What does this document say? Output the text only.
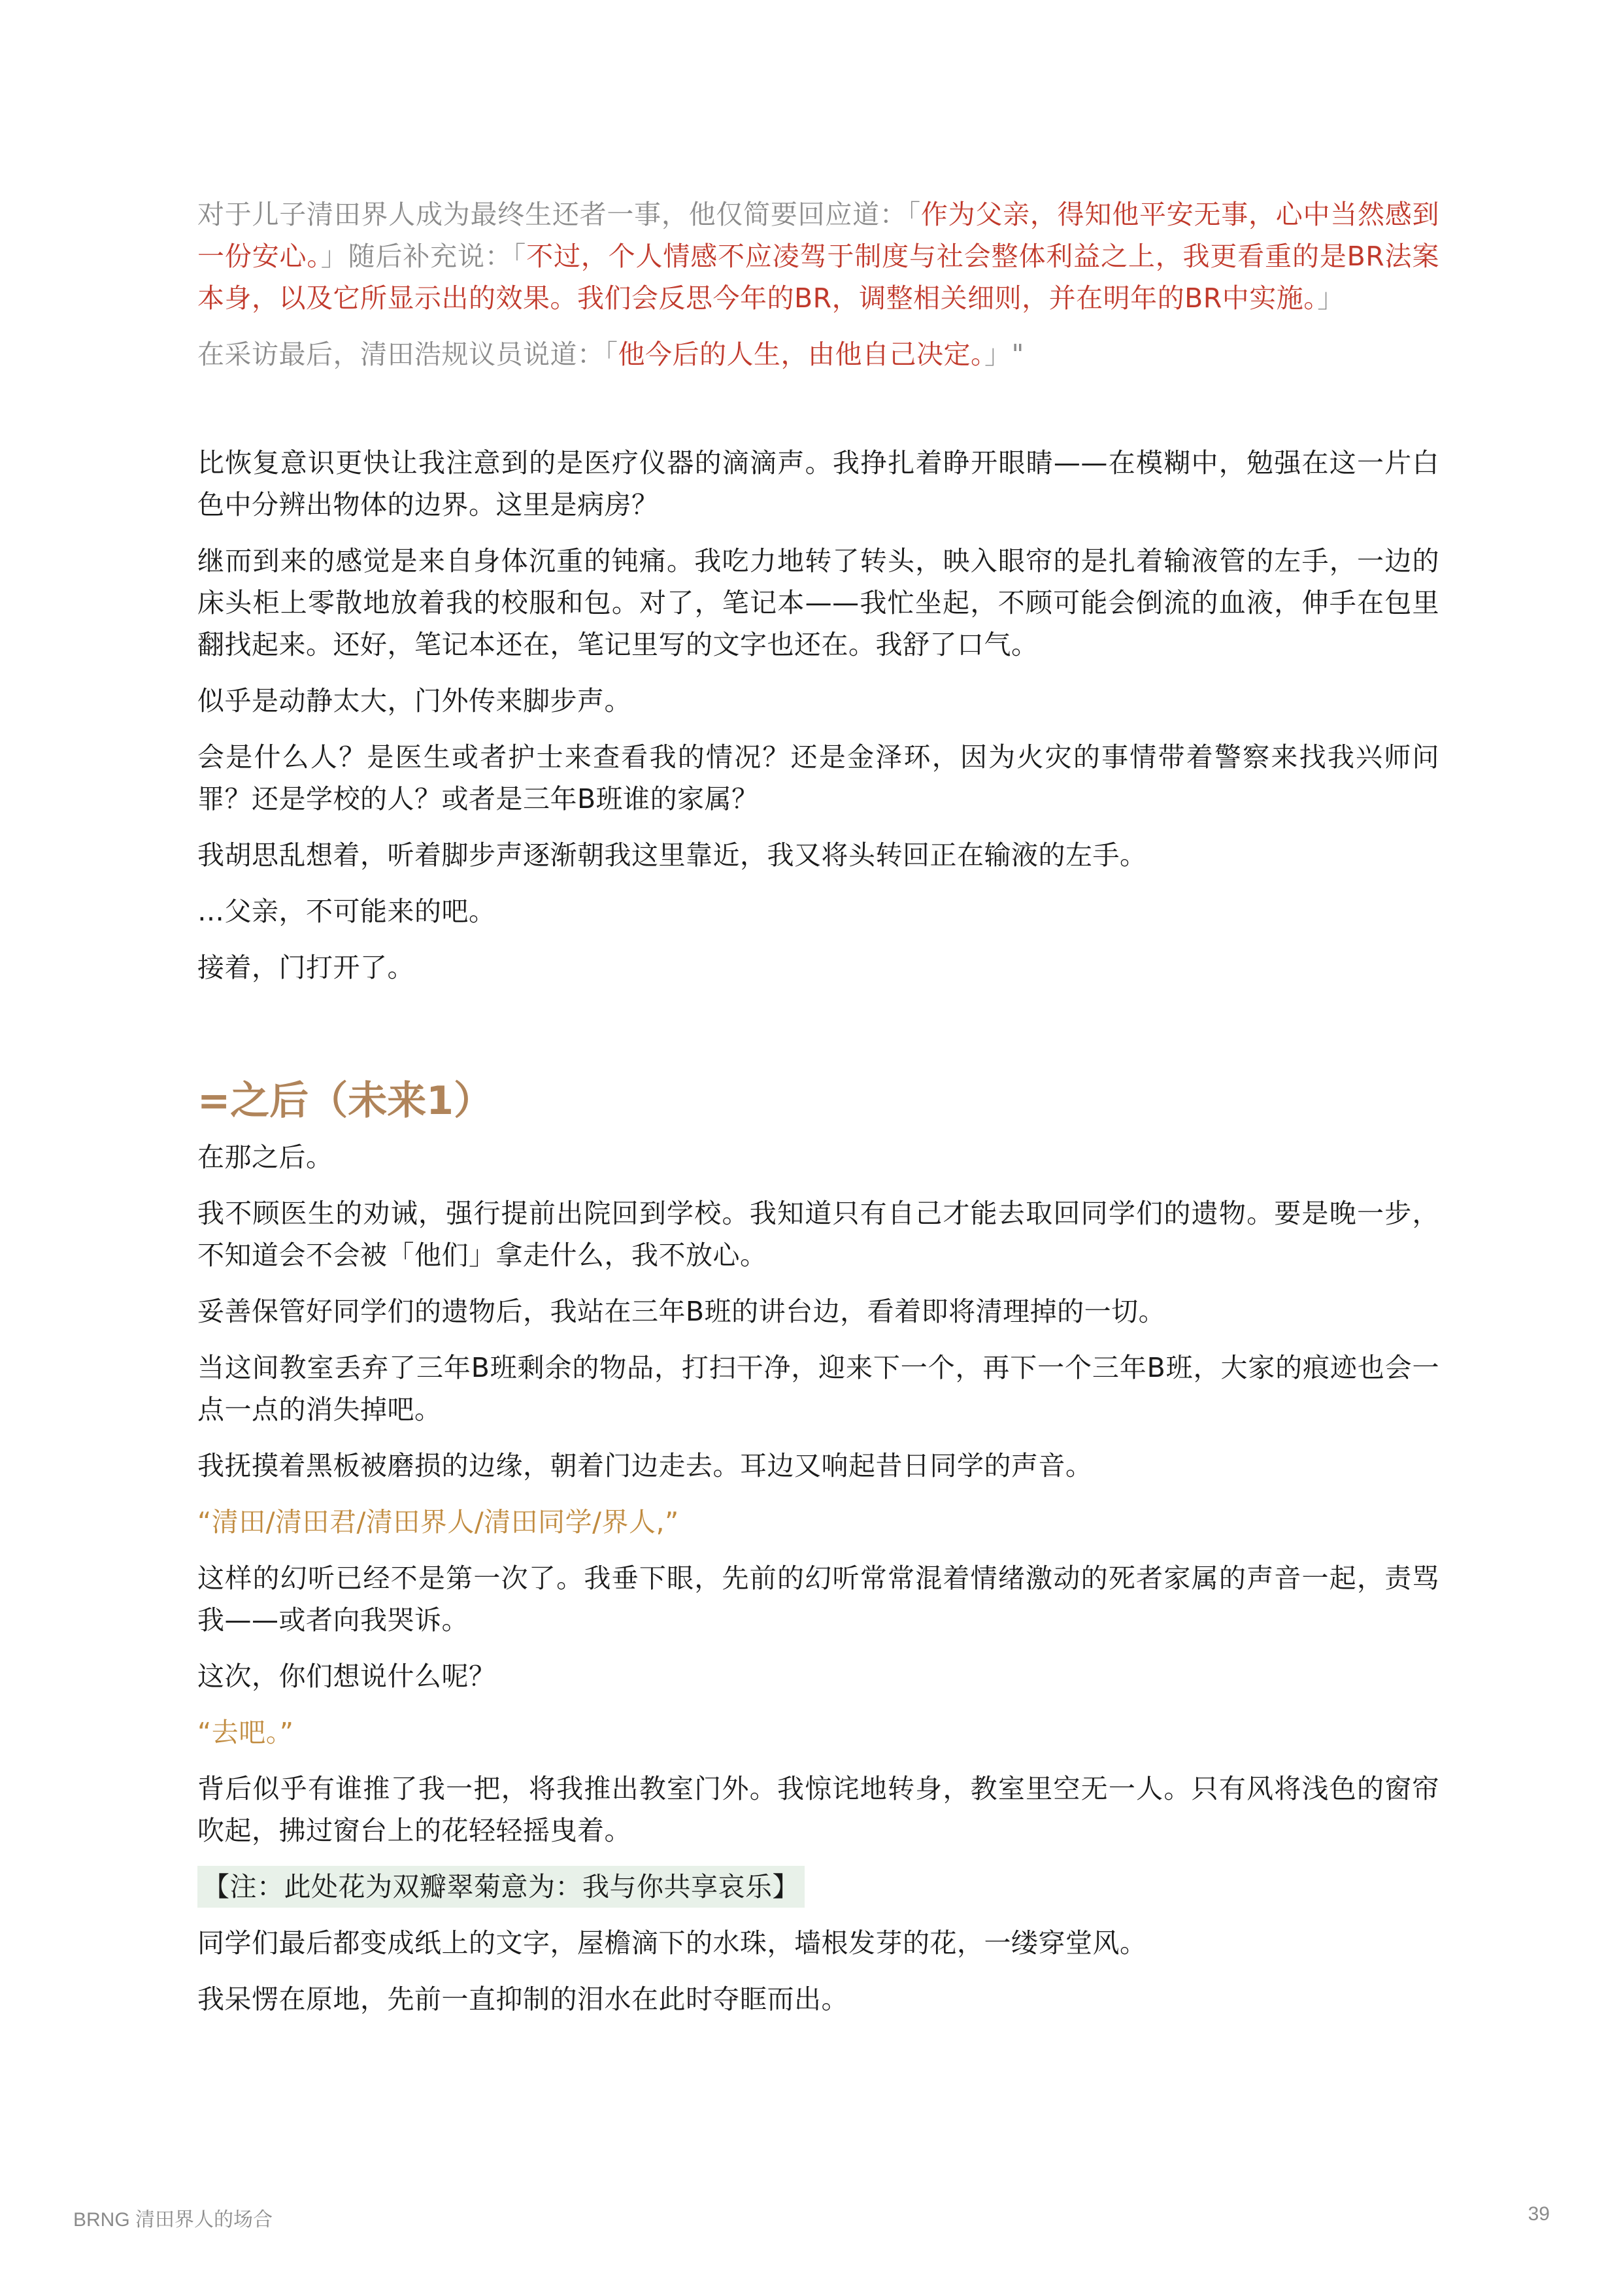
对于儿子清田界人成为最终生还者一事，他仅简要回应道：「作为父亲，得知他平安无事，心中当然感到一份安心。」随后补充说：「不过，个人情感不应凌驾于制度与社会整体利益之上，我更看重的是BR法案本身，以及它所显示出的效果。我们会反思今年的BR，调整相关细则，并在明年的BR中实施。」

在采访最后，清田浩规议员说道：「他今后的人生，由他自己决定。」"

比恢复意识更快让我注意到的是医疗仪器的滴滴声。我挣扎着睁开眼睛——在模糊中，勉强在这一片白色中分辨出物体的边界。这里是病房？

继而到来的感觉是来自身体沉重的钝痛。我吃力地转了转头，映入眼帘的是扎着输液管的左手，一边的床头柜上零散地放着我的校服和包。对了，笔记本——我忙坐起，不顾可能会倒流的血液，伸手在包里翻找起来。还好，笔记本还在，笔记里写的文字也还在。我舒了口气。

似乎是动静太大，门外传来脚步声。

会是什么人？是医生或者护士来查看我的情况？还是金泽环，因为火灾的事情带着警察来找我兴师问罪？还是学校的人？或者是三年B班谁的家属？

我胡思乱想着，听着脚步声逐渐朝我这里靠近，我又将头转回正在输液的左手。

…父亲，不可能来的吧。

接着，门打开了。

=之后（未来1）

在那之后。

我不顾医生的劝诫，强行提前出院回到学校。我知道只有自己才能去取回同学们的遗物。要是晚一步，不知道会不会被「他们」拿走什么，我不放心。

妥善保管好同学们的遗物后，我站在三年B班的讲台边，看着即将清理掉的一切。

当这间教室丢弃了三年B班剩余的物品，打扫干净，迎来下一个，再下一个三年B班，大家的痕迹也会一点一点的消失掉吧。

我抚摸着黑板被磨损的边缘，朝着门边走去。耳边又响起昔日同学的声音。

“清田/清田君/清田界人/清田同学/界人,”

这样的幻听已经不是第一次了。我垂下眼，先前的幻听常常混着情绪激动的死者家属的声音一起，责骂我——或者向我哭诉。

这次，你们想说什么呢？

“去吧。”

背后似乎有谁推了我一把，将我推出教室门外。我惊诧地转身，教室里空无一人。只有风将浅色的窗帘吹起，拂过窗台上的花轻轻摇曳着。

【注：此处花为双瓣翠菊意为：我与你共享哀乐】

同学们最后都变成纸上的文字，屋檐滴下的水珠，墙根发芽的花，一缕穿堂风。

我呆愣在原地，先前一直抑制的泪水在此时夺眶而出。

BRNG 清田界人的场合	39
